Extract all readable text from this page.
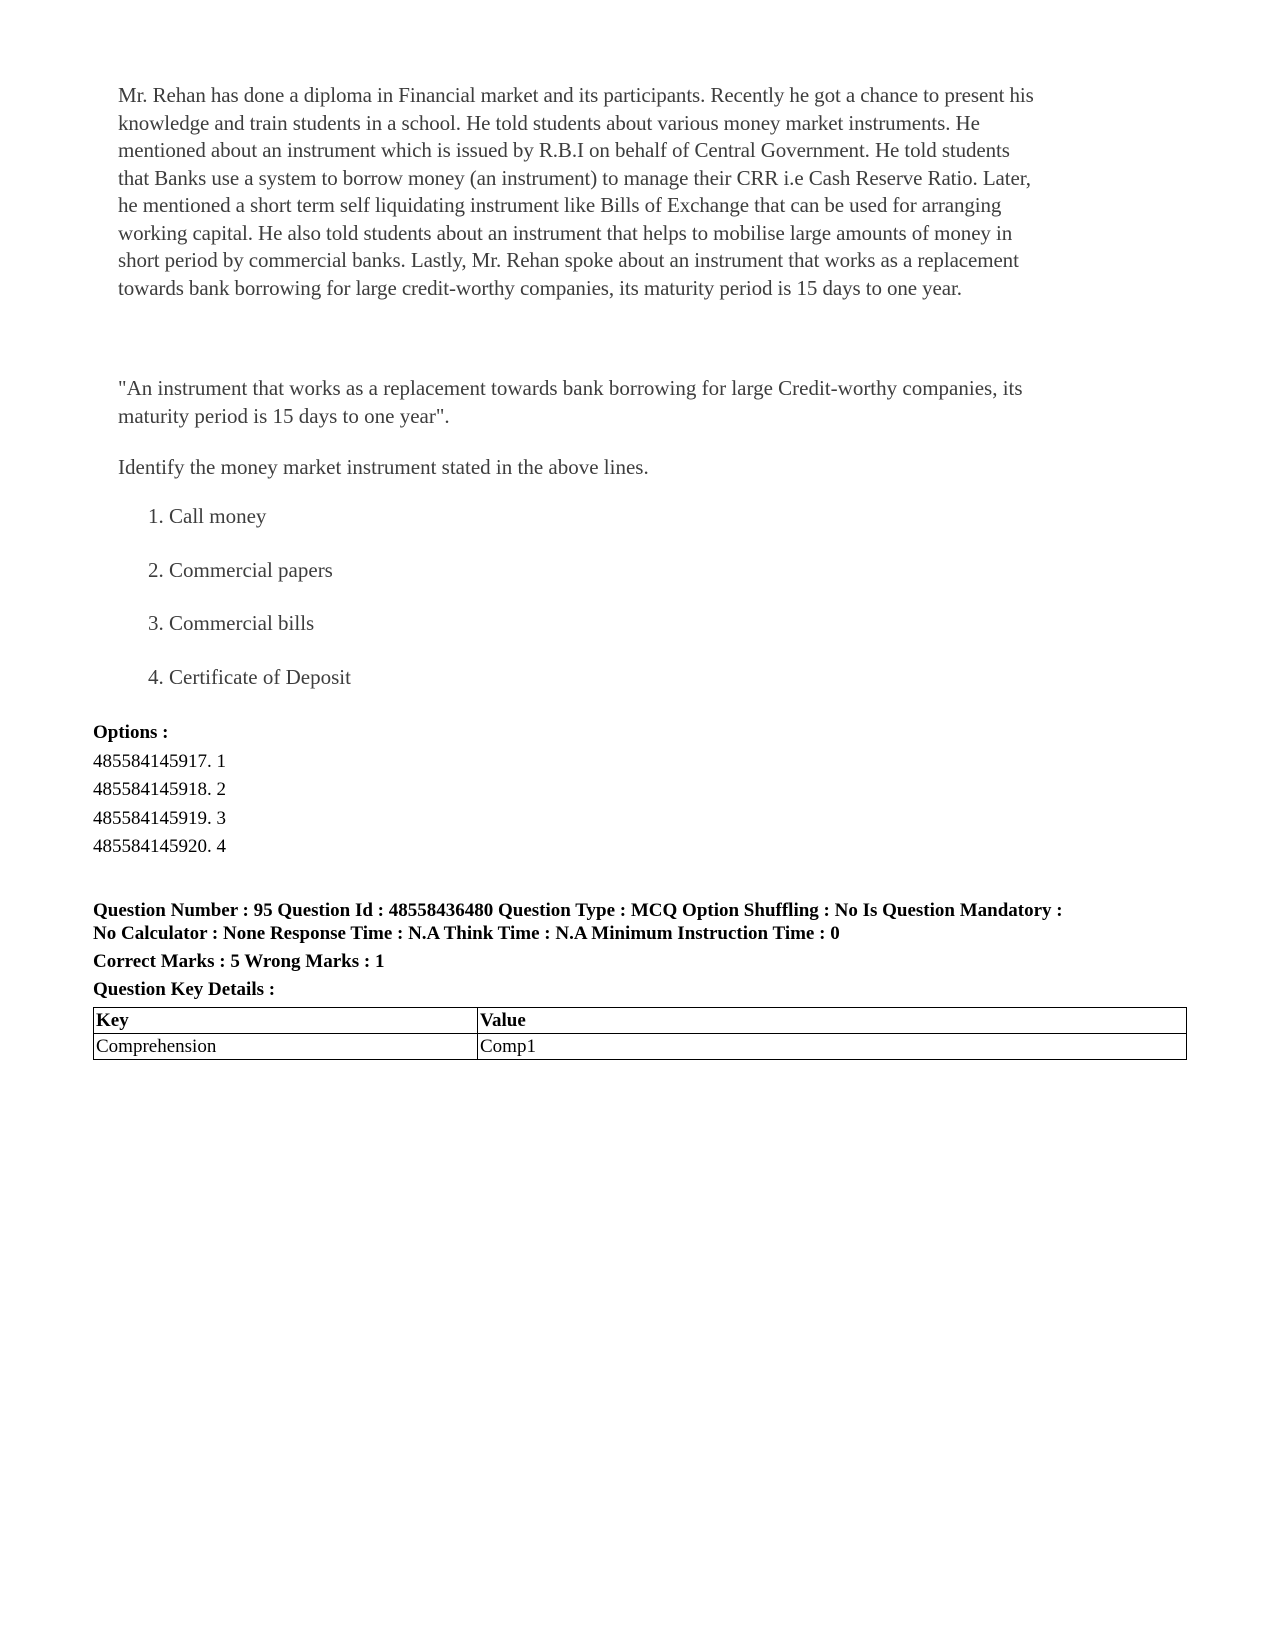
Mr. Rehan has done a diploma in Financial market and its participants. Recently he got a chance to present his
knowledge and train students in a school. He told students about various money market instruments. He
mentioned about an instrument which is issued by R.B.I on behalf of Central Government. He told students
that Banks use a system to borrow money (an instrument) to manage their CRR i.e Cash Reserve Ratio. Later,
he mentioned a short term self liquidating instrument like Bills of Exchange that can be used for arranging
working capital. He also told students about an instrument that helps to mobilise large amounts of money in
short period by commercial banks. Lastly, Mr. Rehan spoke about an instrument that works as a replacement
towards bank borrowing for large credit-worthy companies, its maturity period is 15 days to one year.

"An instrument that works as a replacement towards bank borrowing for large Credit-worthy companies, its
maturity period is 15 days to one year".

Identify the money market instrument stated in the above lines.

1. Call money
2. Commercial papers
3. Commercial bills
4. Certificate of Deposit
Options :
485584145917. 1
485584145918. 2
485584145919. 3
485584145920. 4
Question Number : 95 Question Id : 48558436480 Question Type : MCQ Option Shuffling : No Is Question Mandatory :
No Calculator : None Response Time : N.A Think Time : N.A Minimum Instruction Time : 0
Correct Marks : 5 Wrong Marks : 1
Question Key Details :
Key	Value
Comprehension	Comp1
